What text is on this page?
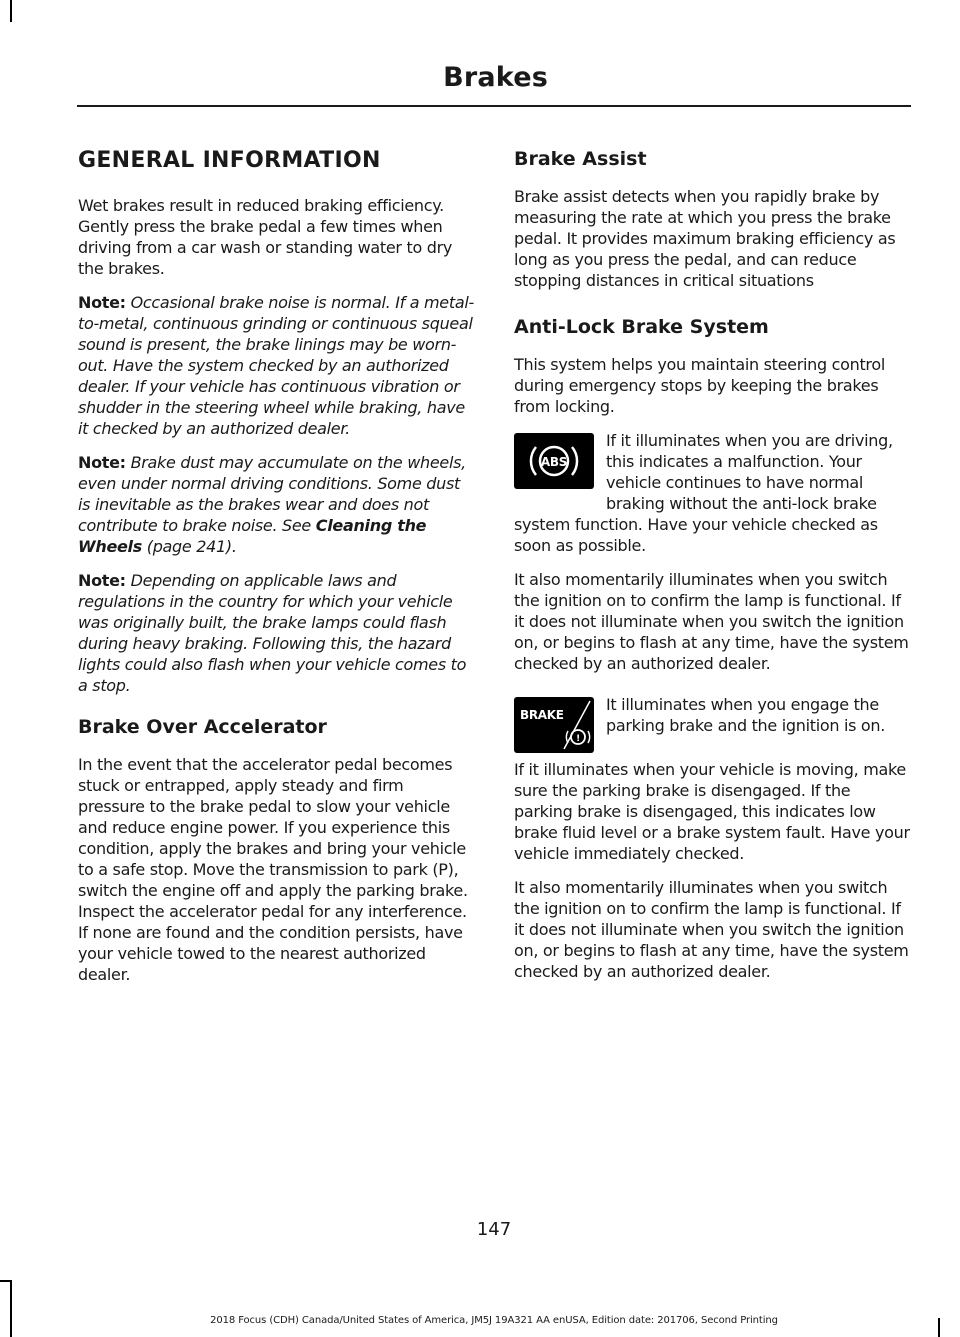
Brakes
GENERAL INFORMATION

Wet brakes result in reduced braking efficiency. Gently press the brake pedal a few times when driving from a car wash or standing water to dry the brakes.

Note: Occasional brake noise is normal. If a metal-to-metal, continuous grinding or continuous squeal sound is present, the brake linings may be worn-out. Have the system checked by an authorized dealer. If your vehicle has continuous vibration or shudder in the steering wheel while braking, have it checked by an authorized dealer.

Note: Brake dust may accumulate on the wheels, even under normal driving conditions. Some dust is inevitable as the brakes wear and does not contribute to brake noise. See Cleaning the Wheels (page 241).

Note: Depending on applicable laws and regulations in the country for which your vehicle was originally built, the brake lamps could flash during heavy braking. Following this, the hazard lights could also flash when your vehicle comes to a stop.

Brake Over Accelerator

In the event that the accelerator pedal becomes stuck or entrapped, apply steady and firm pressure to the brake pedal to slow your vehicle and reduce engine power. If you experience this condition, apply the brakes and bring your vehicle to a safe stop. Move the transmission to park (P), switch the engine off and apply the parking brake. Inspect the accelerator pedal for any interference. If none are found and the condition persists, have your vehicle towed to the nearest authorized dealer.

Brake Assist

Brake assist detects when you rapidly brake by measuring the rate at which you press the brake pedal. It provides maximum braking efficiency as long as you press the pedal, and can reduce stopping distances in critical situations

Anti-Lock Brake System

This system helps you maintain steering control during emergency stops by keeping the brakes from locking.

ABS
If it illuminates when you are driving, this indicates a malfunction. Your vehicle continues to have normal braking without the anti-lock brake system function. Have your vehicle checked as soon as possible.

It also momentarily illuminates when you switch the ignition on to confirm the lamp is functional. If it does not illuminate when you switch the ignition on, or begins to flash at any time, have the system checked by an authorized dealer.

BRAKE
!
It illuminates when you engage the parking brake and the ignition is on.

If it illuminates when your vehicle is moving, make sure the parking brake is disengaged. If the parking brake is disengaged, this indicates low brake fluid level or a brake system fault. Have your vehicle immediately checked.

It also momentarily illuminates when you switch the ignition on to confirm the lamp is functional. If it does not illuminate when you switch the ignition on, or begins to flash at any time, have the system checked by an authorized dealer.

147
2018 Focus (CDH) Canada/United States of America, JM5J 19A321 AA enUSA, Edition date: 201706, Second Printing
